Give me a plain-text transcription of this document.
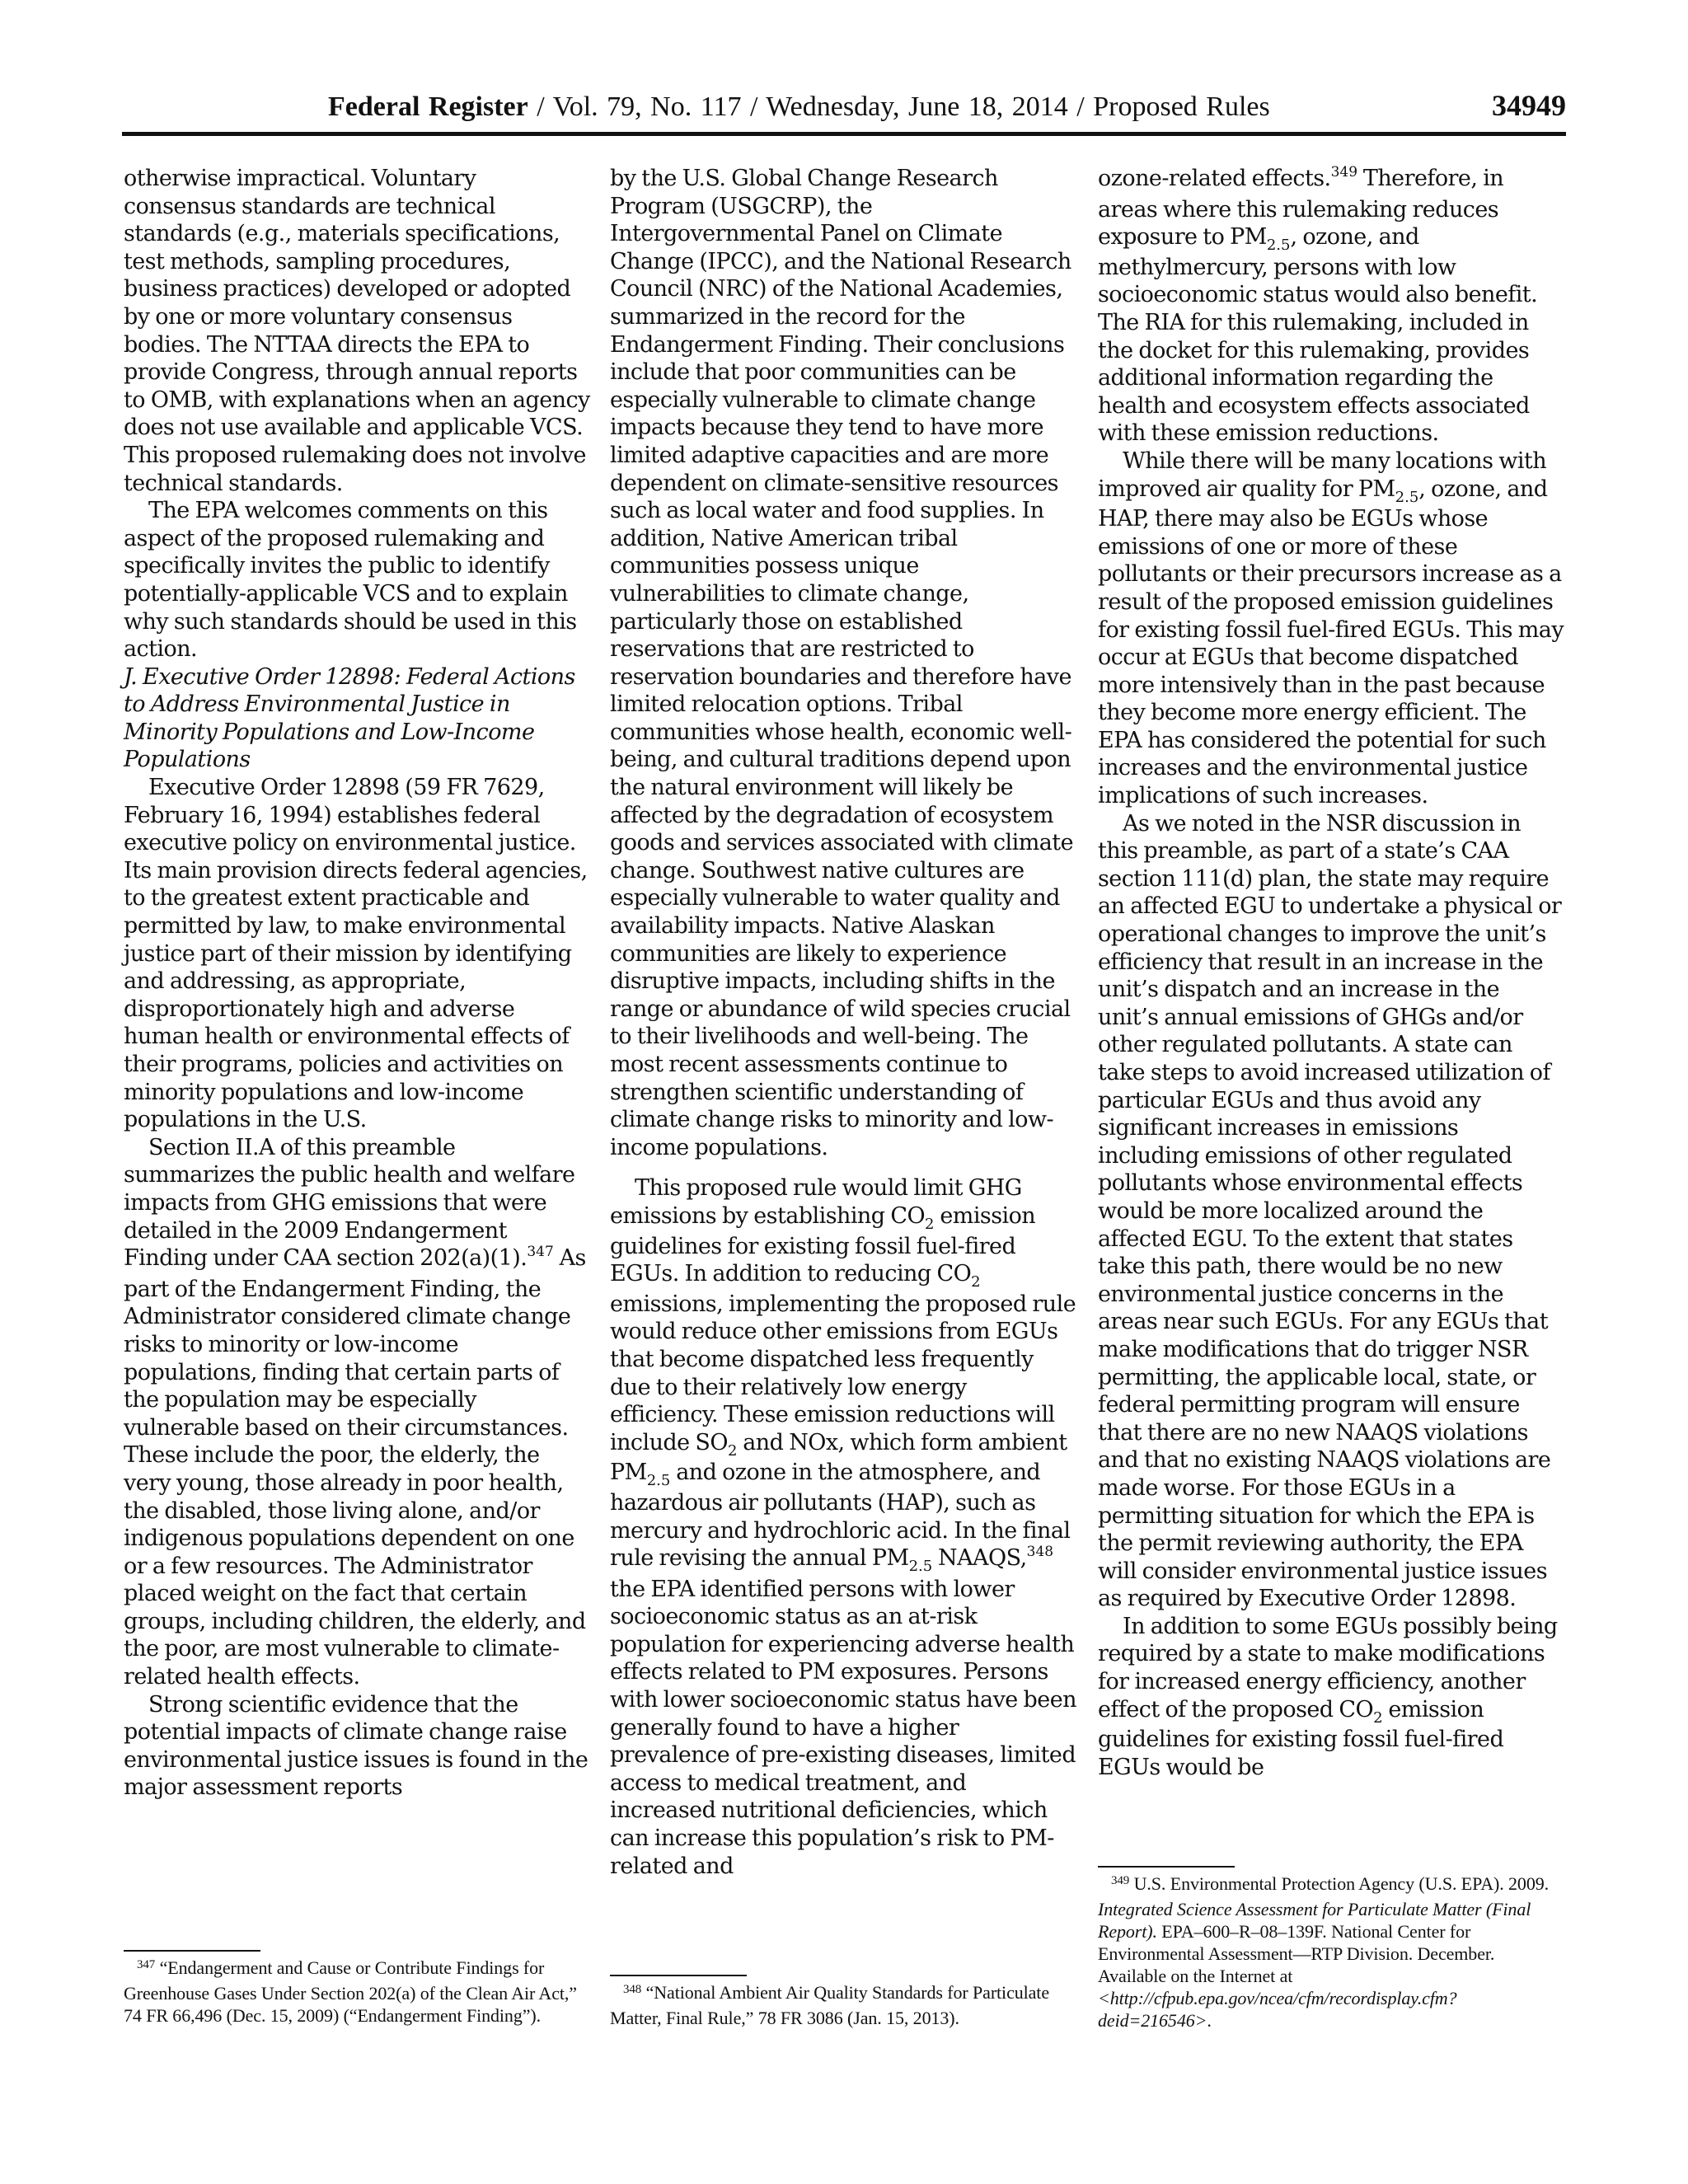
Federal Register / Vol. 79, No. 117 / Wednesday, June 18, 2014 / Proposed Rules	34949

otherwise impractical. Voluntary consensus standards are technical standards (e.g., materials specifications, test methods, sampling procedures, business practices) developed or adopted by one or more voluntary consensus bodies. The NTTAA directs the EPA to provide Congress, through annual reports to OMB, with explanations when an agency does not use available and applicable VCS. This proposed rulemaking does not involve technical standards.

The EPA welcomes comments on this aspect of the proposed rulemaking and specifically invites the public to identify potentially-applicable VCS and to explain why such standards should be used in this action.

J. Executive Order 12898: Federal Actions to Address Environmental Justice in Minority Populations and Low-Income Populations

Executive Order 12898 (59 FR 7629, February 16, 1994) establishes federal executive policy on environmental justice. Its main provision directs federal agencies, to the greatest extent practicable and permitted by law, to make environmental justice part of their mission by identifying and addressing, as appropriate, disproportionately high and adverse human health or environmental effects of their programs, policies and activities on minority populations and low-income populations in the U.S.

Section II.A of this preamble summarizes the public health and welfare impacts from GHG emissions that were detailed in the 2009 Endangerment Finding under CAA section 202(a)(1).$^{347}$ As part of the Endangerment Finding, the Administrator considered climate change risks to minority or low-income populations, finding that certain parts of the population may be especially vulnerable based on their circumstances. These include the poor, the elderly, the very young, those already in poor health, the disabled, those living alone, and/or indigenous populations dependent on one or a few resources. The Administrator placed weight on the fact that certain groups, including children, the elderly, and the poor, are most vulnerable to climate-related health effects.

Strong scientific evidence that the potential impacts of climate change raise environmental justice issues is found in the major assessment reports

by the U.S. Global Change Research Program (USGCRP), the Intergovernmental Panel on Climate Change (IPCC), and the National Research Council (NRC) of the National Academies, summarized in the record for the Endangerment Finding. Their conclusions include that poor communities can be especially vulnerable to climate change impacts because they tend to have more limited adaptive capacities and are more dependent on climate-sensitive resources such as local water and food supplies. In addition, Native American tribal communities possess unique vulnerabilities to climate change, particularly those on established reservations that are restricted to reservation boundaries and therefore have limited relocation options. Tribal communities whose health, economic well-being, and cultural traditions depend upon the natural environment will likely be affected by the degradation of ecosystem goods and services associated with climate change. Southwest native cultures are especially vulnerable to water quality and availability impacts. Native Alaskan communities are likely to experience disruptive impacts, including shifts in the range or abundance of wild species crucial to their livelihoods and well-being. The most recent assessments continue to strengthen scientific understanding of climate change risks to minority and low-income populations.

This proposed rule would limit GHG emissions by establishing $CO_2$ emission guidelines for existing fossil fuel-fired EGUs. In addition to reducing $CO_2$ emissions, implementing the proposed rule would reduce other emissions from EGUs that become dispatched less frequently due to their relatively low energy efficiency. These emission reductions will include $SO_2$ and NOx, which form ambient $PM_{2.5}$ and ozone in the atmosphere, and hazardous air pollutants (HAP), such as mercury and hydrochloric acid. In the final rule revising the annual $PM_{2.5}$ NAAQS,$^{348}$ the EPA identified persons with lower socioeconomic status as an at-risk population for experiencing adverse health effects related to PM exposures. Persons with lower socioeconomic status have been generally found to have a higher prevalence of pre-existing diseases, limited access to medical treatment, and increased nutritional deficiencies, which can increase this population’s risk to PM-related and

ozone-related effects.$^{349}$ Therefore, in areas where this rulemaking reduces exposure to $PM_{2.5}$, ozone, and methylmercury, persons with low socioeconomic status would also benefit. The RIA for this rulemaking, included in the docket for this rulemaking, provides additional information regarding the health and ecosystem effects associated with these emission reductions.

While there will be many locations with improved air quality for $PM_{2.5}$, ozone, and HAP, there may also be EGUs whose emissions of one or more of these pollutants or their precursors increase as a result of the proposed emission guidelines for existing fossil fuel-fired EGUs. This may occur at EGUs that become dispatched more intensively than in the past because they become more energy efficient. The EPA has considered the potential for such increases and the environmental justice implications of such increases.

As we noted in the NSR discussion in this preamble, as part of a state’s CAA section 111(d) plan, the state may require an affected EGU to undertake a physical or operational changes to improve the unit’s efficiency that result in an increase in the unit’s dispatch and an increase in the unit’s annual emissions of GHGs and/or other regulated pollutants. A state can take steps to avoid increased utilization of particular EGUs and thus avoid any significant increases in emissions including emissions of other regulated pollutants whose environmental effects would be more localized around the affected EGU. To the extent that states take this path, there would be no new environmental justice concerns in the areas near such EGUs. For any EGUs that make modifications that do trigger NSR permitting, the applicable local, state, or federal permitting program will ensure that there are no new NAAQS violations and that no existing NAAQS violations are made worse. For those EGUs in a permitting situation for which the EPA is the permit reviewing authority, the EPA will consider environmental justice issues as required by Executive Order 12898.

In addition to some EGUs possibly being required by a state to make modifications for increased energy efficiency, another effect of the proposed $CO_2$ emission guidelines for existing fossil fuel-fired EGUs would be

$^{347}$ “Endangerment and Cause or Contribute Findings for Greenhouse Gases Under Section 202(a) of the Clean Air Act,” 74 FR 66,496 (Dec. 15, 2009) (“Endangerment Finding”).
$^{348}$ “National Ambient Air Quality Standards for Particulate Matter, Final Rule,” 78 FR 3086 (Jan. 15, 2013).
$^{349}$ U.S. Environmental Protection Agency (U.S. EPA). 2009. Integrated Science Assessment for Particulate Matter (Final Report). EPA–600–R–08–139F. National Center for Environmental Assessment—RTP Division. December. Available on the Internet at <http://cfpub.epa.gov/ncea/cfm/recordisplay.cfm?deid=216546>.
